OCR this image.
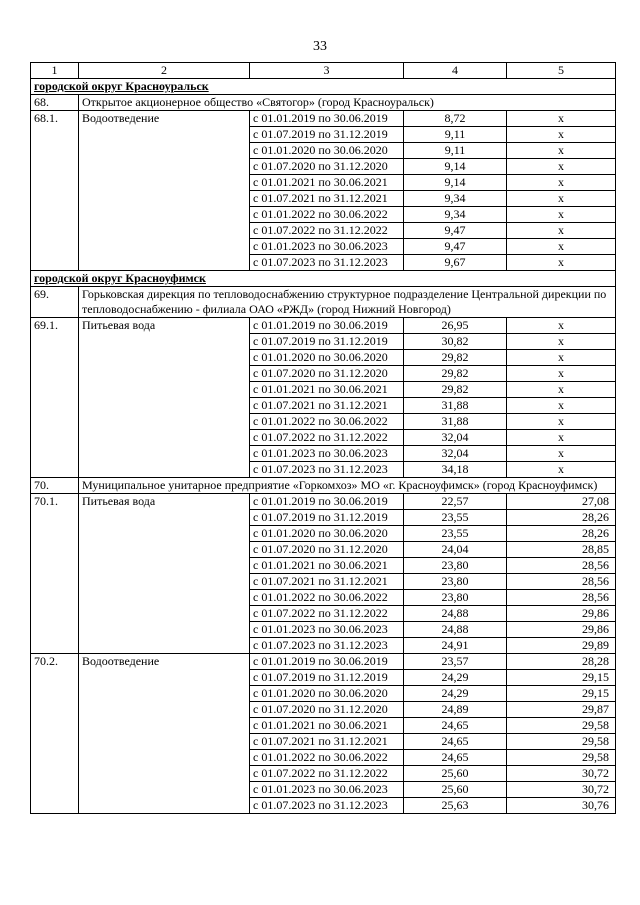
33
1	2	3	4	5
городской округ Красноуральск				
68.	Открытое акционерное общество «Святогор» (город Красноуральск)			
68.1.	Водоотведение	с 01.01.2019 по 30.06.2019	8,72	х
		с 01.07.2019 по 31.12.2019	9,11	х
		с 01.01.2020 по 30.06.2020	9,11	х
		с 01.07.2020 по 31.12.2020	9,14	х
		с 01.01.2021 по 30.06.2021	9,14	х
		с 01.07.2021 по 31.12.2021	9,34	х
		с 01.01.2022 по 30.06.2022	9,34	х
		с 01.07.2022 по 31.12.2022	9,47	х
		с 01.01.2023 по 30.06.2023	9,47	х
		с 01.07.2023 по 31.12.2023	9,67	х
городской округ Красноуфимск				
69.	Горьковская дирекция по тепловодоснабжению структурное подразделение Центральной дирекции по тепловодоснабжению - филиала ОАО «РЖД» (город Нижний Новгород)			
69.1.	Питьевая вода	с 01.01.2019 по 30.06.2019	26,95	х
		с 01.07.2019 по 31.12.2019	30,82	х
		с 01.01.2020 по 30.06.2020	29,82	х
		с 01.07.2020 по 31.12.2020	29,82	х
		с 01.01.2021 по 30.06.2021	29,82	х
		с 01.07.2021 по 31.12.2021	31,88	х
		с 01.01.2022 по 30.06.2022	31,88	х
		с 01.07.2022 по 31.12.2022	32,04	х
		с 01.01.2023 по 30.06.2023	32,04	х
		с 01.07.2023 по 31.12.2023	34,18	х
70.	Муниципальное унитарное предприятие «Горкомхоз» МО «г. Красноуфимск» (город Красноуфимск)			
70.1.	Питьевая вода	с 01.01.2019 по 30.06.2019	22,57	27,08
		с 01.07.2019 по 31.12.2019	23,55	28,26
		с 01.01.2020 по 30.06.2020	23,55	28,26
		с 01.07.2020 по 31.12.2020	24,04	28,85
		с 01.01.2021 по 30.06.2021	23,80	28,56
		с 01.07.2021 по 31.12.2021	23,80	28,56
		с 01.01.2022 по 30.06.2022	23,80	28,56
		с 01.07.2022 по 31.12.2022	24,88	29,86
		с 01.01.2023 по 30.06.2023	24,88	29,86
		с 01.07.2023 по 31.12.2023	24,91	29,89
70.2.	Водоотведение	с 01.01.2019 по 30.06.2019	23,57	28,28
		с 01.07.2019 по 31.12.2019	24,29	29,15
		с 01.01.2020 по 30.06.2020	24,29	29,15
		с 01.07.2020 по 31.12.2020	24,89	29,87
		с 01.01.2021 по 30.06.2021	24,65	29,58
		с 01.07.2021 по 31.12.2021	24,65	29,58
		с 01.01.2022 по 30.06.2022	24,65	29,58
		с 01.07.2022 по 31.12.2022	25,60	30,72
		с 01.01.2023 по 30.06.2023	25,60	30,72
		с 01.07.2023 по 31.12.2023	25,63	30,76
